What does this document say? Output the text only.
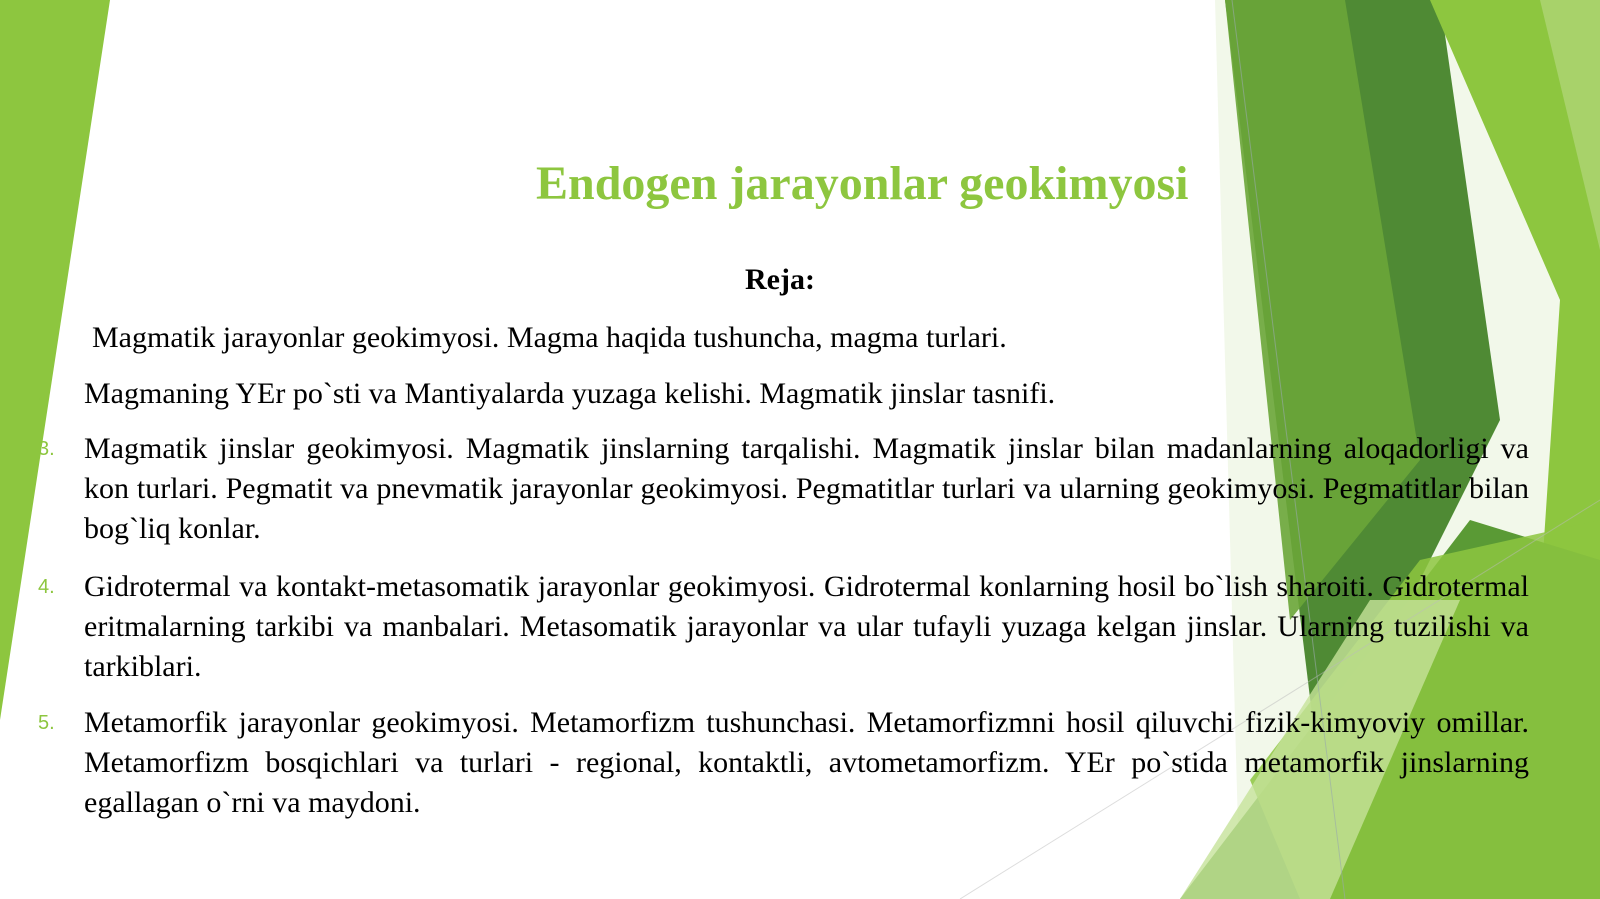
Endogen jarayonlar geokimyosi
Reja:
Magmatik jarayonlar geokimyosi. Magma haqida tushuncha, magma turlari.
.	Magmaning YEr po`sti va Mantiyalarda yuzaga kelishi. Magmatik jinslar tasnifi.
3. Magmatik jinslar geokimyosi. Magmatik jinslarning tarqalishi. Magmatik jinslar bilan madanlarning aloqadorligi va kon turlari. Pegmatit va pnevmatik jarayonlar geokimyosi. Pegmatitlar turlari va ularning geokimyosi. Pegmatitlar bilan bog`liq konlar.
4. Gidrotermal va kontakt-metasomatik jarayonlar geokimyosi. Gidrotermal konlarning hosil bo`lish sharoiti. Gidrotermal eritmalarning tarkibi va manbalari. Metasomatik jarayonlar va ular tufayli yuzaga kelgan jinslar. Ularning tuzilishi va tarkiblari.
5. Metamorfik jarayonlar geokimyosi. Metamorfizm tushunchasi. Metamorfizmni hosil qiluvchi fizik-kimyoviy omillar. Metamorfizm bosqichlari va turlari - regional, kontaktli, avtometamorfizm. YEr po`stida metamorfik jinslarning egallagan o`rni va maydoni.
